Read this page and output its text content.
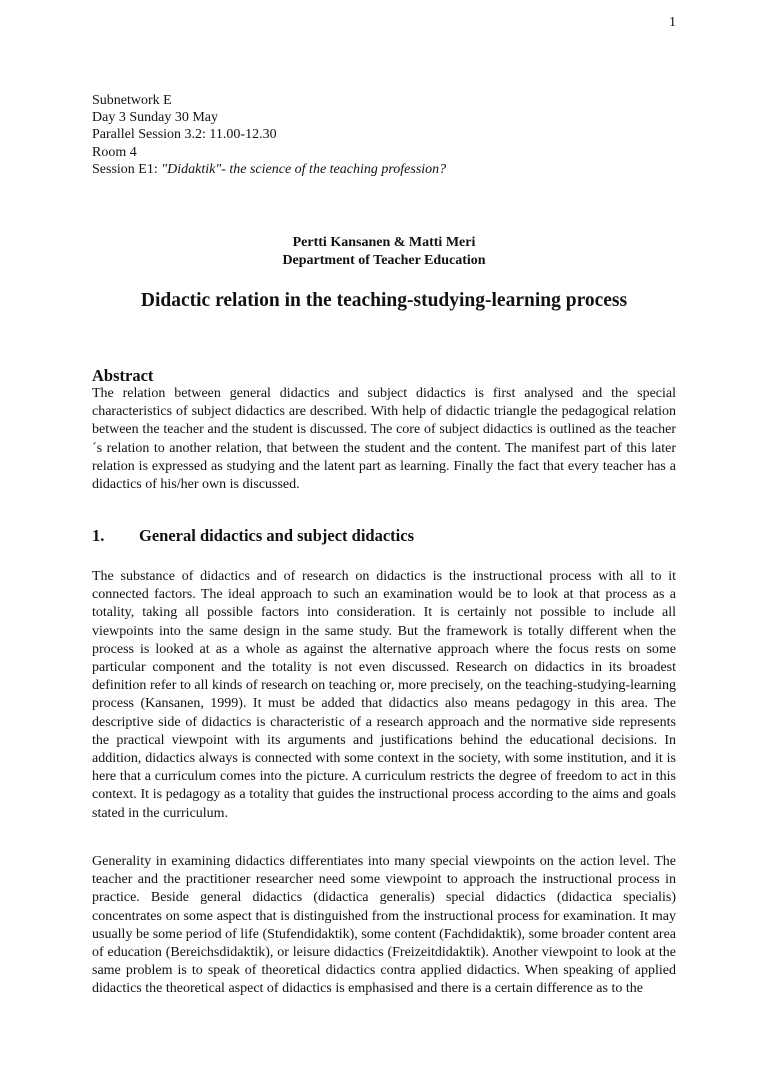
1
Subnetwork E
Day 3 Sunday 30 May
Parallel Session 3.2: 11.00-12.30
Room 4
Session E1: "Didaktik"- the science of the teaching profession?
Pertti Kansanen & Matti Meri
Department of Teacher Education
Didactic relation in the teaching-studying-learning process
Abstract

The relation between general didactics and subject didactics is first analysed and the special characteristics of subject didactics are described. With help of didactic triangle the pedagogical relation between the teacher and the student is discussed. The core of subject didactics is outlined as the teacher´s relation to another relation, that between the student and the content. The manifest part of this later relation is expressed as studying and the latent part as learning. Finally the fact that every teacher has a didactics of his/her own is discussed.

1. General didactics and subject didactics

The substance of didactics and of research on didactics is the instructional process with all to it connected factors. The ideal approach to such an examination would be to look at that process as a totality, taking all possible factors into consideration. It is certainly not possible to include all viewpoints into the same design in the same study. But the framework is totally different when the process is looked at as a whole as against the alternative approach where the focus rests on some particular component and the totality is not even discussed. Research on didactics in its broadest definition refer to all kinds of research on teaching or, more precisely, on the teaching-studying-learning process (Kansanen, 1999). It must be added that didactics also means pedagogy in this area. The descriptive side of didactics is characteristic of a research approach and the normative side represents the practical viewpoint with its arguments and justifications behind the educational decisions. In addition, didactics always is connected with some context in the society, with some institution, and it is here that a curriculum comes into the picture. A curriculum restricts the degree of freedom to act in this context. It is pedagogy as a totality that guides the instructional process according to the aims and goals stated in the curriculum.

Generality in examining didactics differentiates into many special viewpoints on the action level. The teacher and the practitioner researcher need some viewpoint to approach the instructional process in practice. Beside general didactics (didactica generalis) special didactics (didactica specialis) concentrates on some aspect that is distinguished from the instructional process for examination. It may usually be some period of life (Stufendidaktik), some content (Fachdidaktik), some broader content area of education (Bereichsdidaktik), or leisure didactics (Freizeitdidaktik). Another viewpoint to look at the same problem is to speak of theoretical didactics contra applied didactics. When speaking of applied didactics the theoretical aspect of didactics is emphasised and there is a certain difference as to the
